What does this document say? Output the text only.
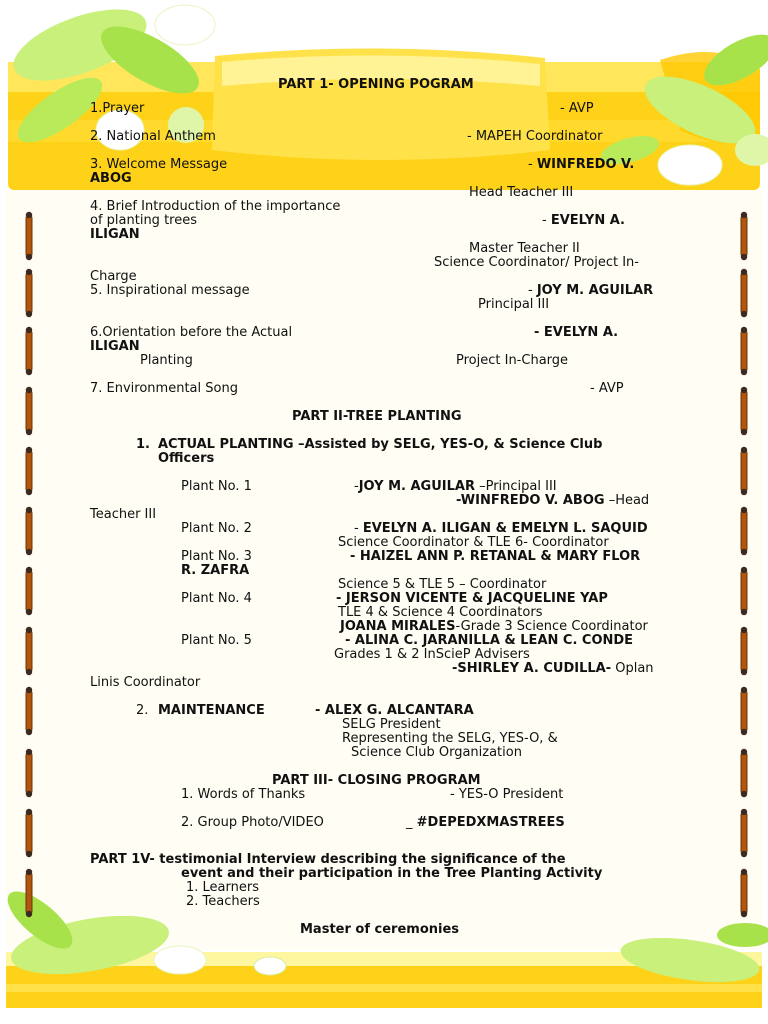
PART 1- OPENING POGRAM
1.Prayer	- AVP
2. National Anthem	- MAPEH Coordinator
3. Welcome Message	- WINFREDO V.
ABOG
Head Teacher III
4. Brief Introduction of the importance
of planting trees	- EVELYN A.
ILIGAN
Master Teacher II
Science Coordinator/ Project In-
Charge
5. Inspirational message	- JOY M. AGUILAR
Principal III
6.Orientation before the Actual	- EVELYN A.
ILIGAN
Planting	Project In-Charge
7. Environmental Song	- AVP
PART II-TREE PLANTING
1. ACTUAL PLANTING –Assisted by SELG, YES-O, & Science Club
Officers
Plant No. 1	-JOY M. AGUILAR –Principal III
-WINFREDO V. ABOG –Head
Teacher III
Plant No. 2	- EVELYN A. ILIGAN & EMELYN L. SAQUID
Science Coordinator & TLE 6- Coordinator
Plant No. 3	- HAIZEL ANN P. RETANAL & MARY FLOR
R. ZAFRA
Science 5 & TLE 5 – Coordinator
Plant No. 4	- JERSON VICENTE & JACQUELINE YAP
TLE 4 & Science 4 Coordinators
JOANA MIRALES-Grade 3 Science Coordinator
Plant No. 5	- ALINA C. JARANILLA & LEAN C. CONDE
Grades 1 & 2 InScieP Advisers
-SHIRLEY A. CUDILLA- Oplan
Linis Coordinator
2. MAINTENANCE	- ALEX G. ALCANTARA
SELG President
Representing the SELG, YES-O, &
Science Club Organization
PART III- CLOSING PROGRAM
1. Words of Thanks	- YES-O President
2. Group Photo/VIDEO	_ #DEPEDXMASTREES
PART 1V- testimonial Interview describing the significance of the
event and their participation in the Tree Planting Activity
1. Learners
2. Teachers
Master of ceremonies
